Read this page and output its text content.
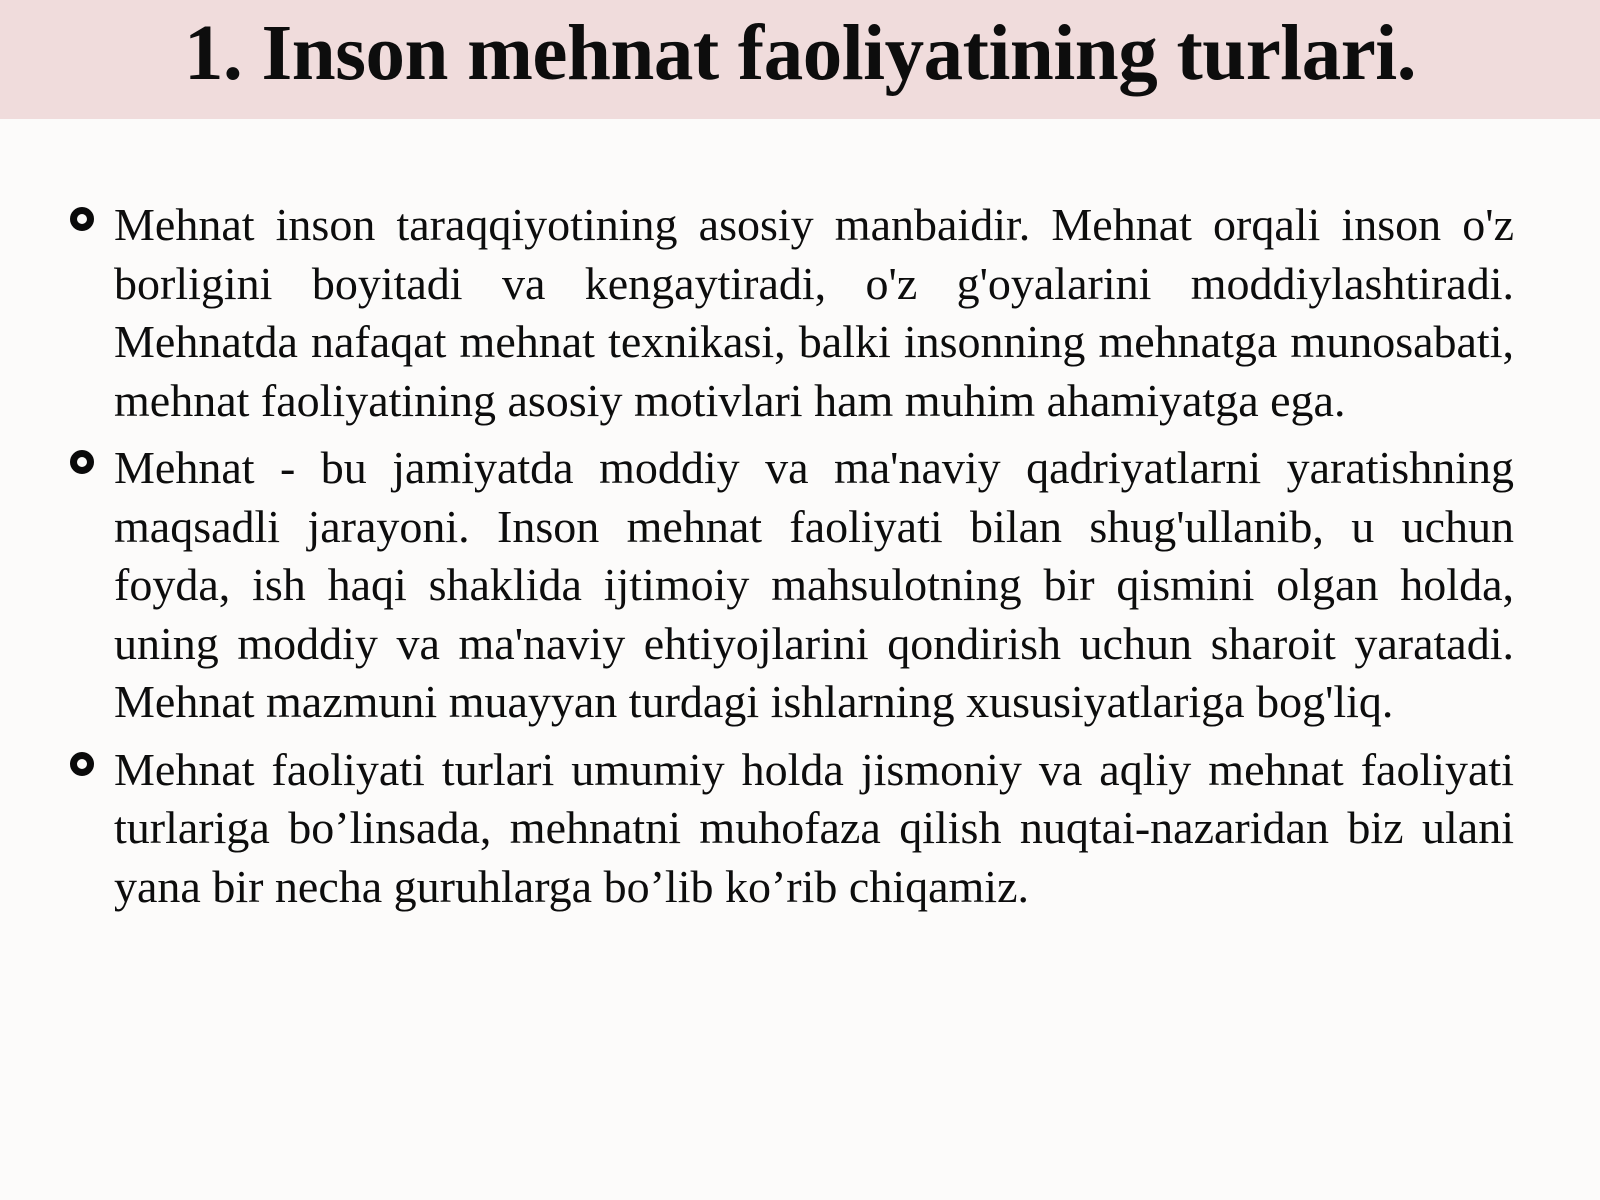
1. Inson mehnat faoliyatining turlari.
Mehnat inson taraqqiyotining asosiy manbaidir. Mehnat orqali inson o'z borligini boyitadi va kengaytiradi, o'z g'oyalarini moddiylashtiradi. Mehnatda nafaqat mehnat texnikasi, balki insonning mehnatga munosabati, mehnat faoliyatining asosiy motivlari ham muhim ahamiyatga ega.
Mehnat - bu jamiyatda moddiy va ma'naviy qadriyatlarni yaratishning maqsadli jarayoni. Inson mehnat faoliyati bilan shug'ullanib, u uchun foyda, ish haqi shaklida ijtimoiy mahsulotning bir qismini olgan holda, uning moddiy va ma'naviy ehtiyojlarini qondirish uchun sharoit yaratadi. Mehnat mazmuni muayyan turdagi ishlarning xususiyatlariga bog'liq.
Mehnat faoliyati turlari umumiy holda jismoniy va aqliy mehnat faoliyati turlariga bo’linsada, mehnatni muhofaza qilish nuqtai-nazaridan biz ulani yana bir necha guruhlarga bo’lib ko’rib chiqamiz.
